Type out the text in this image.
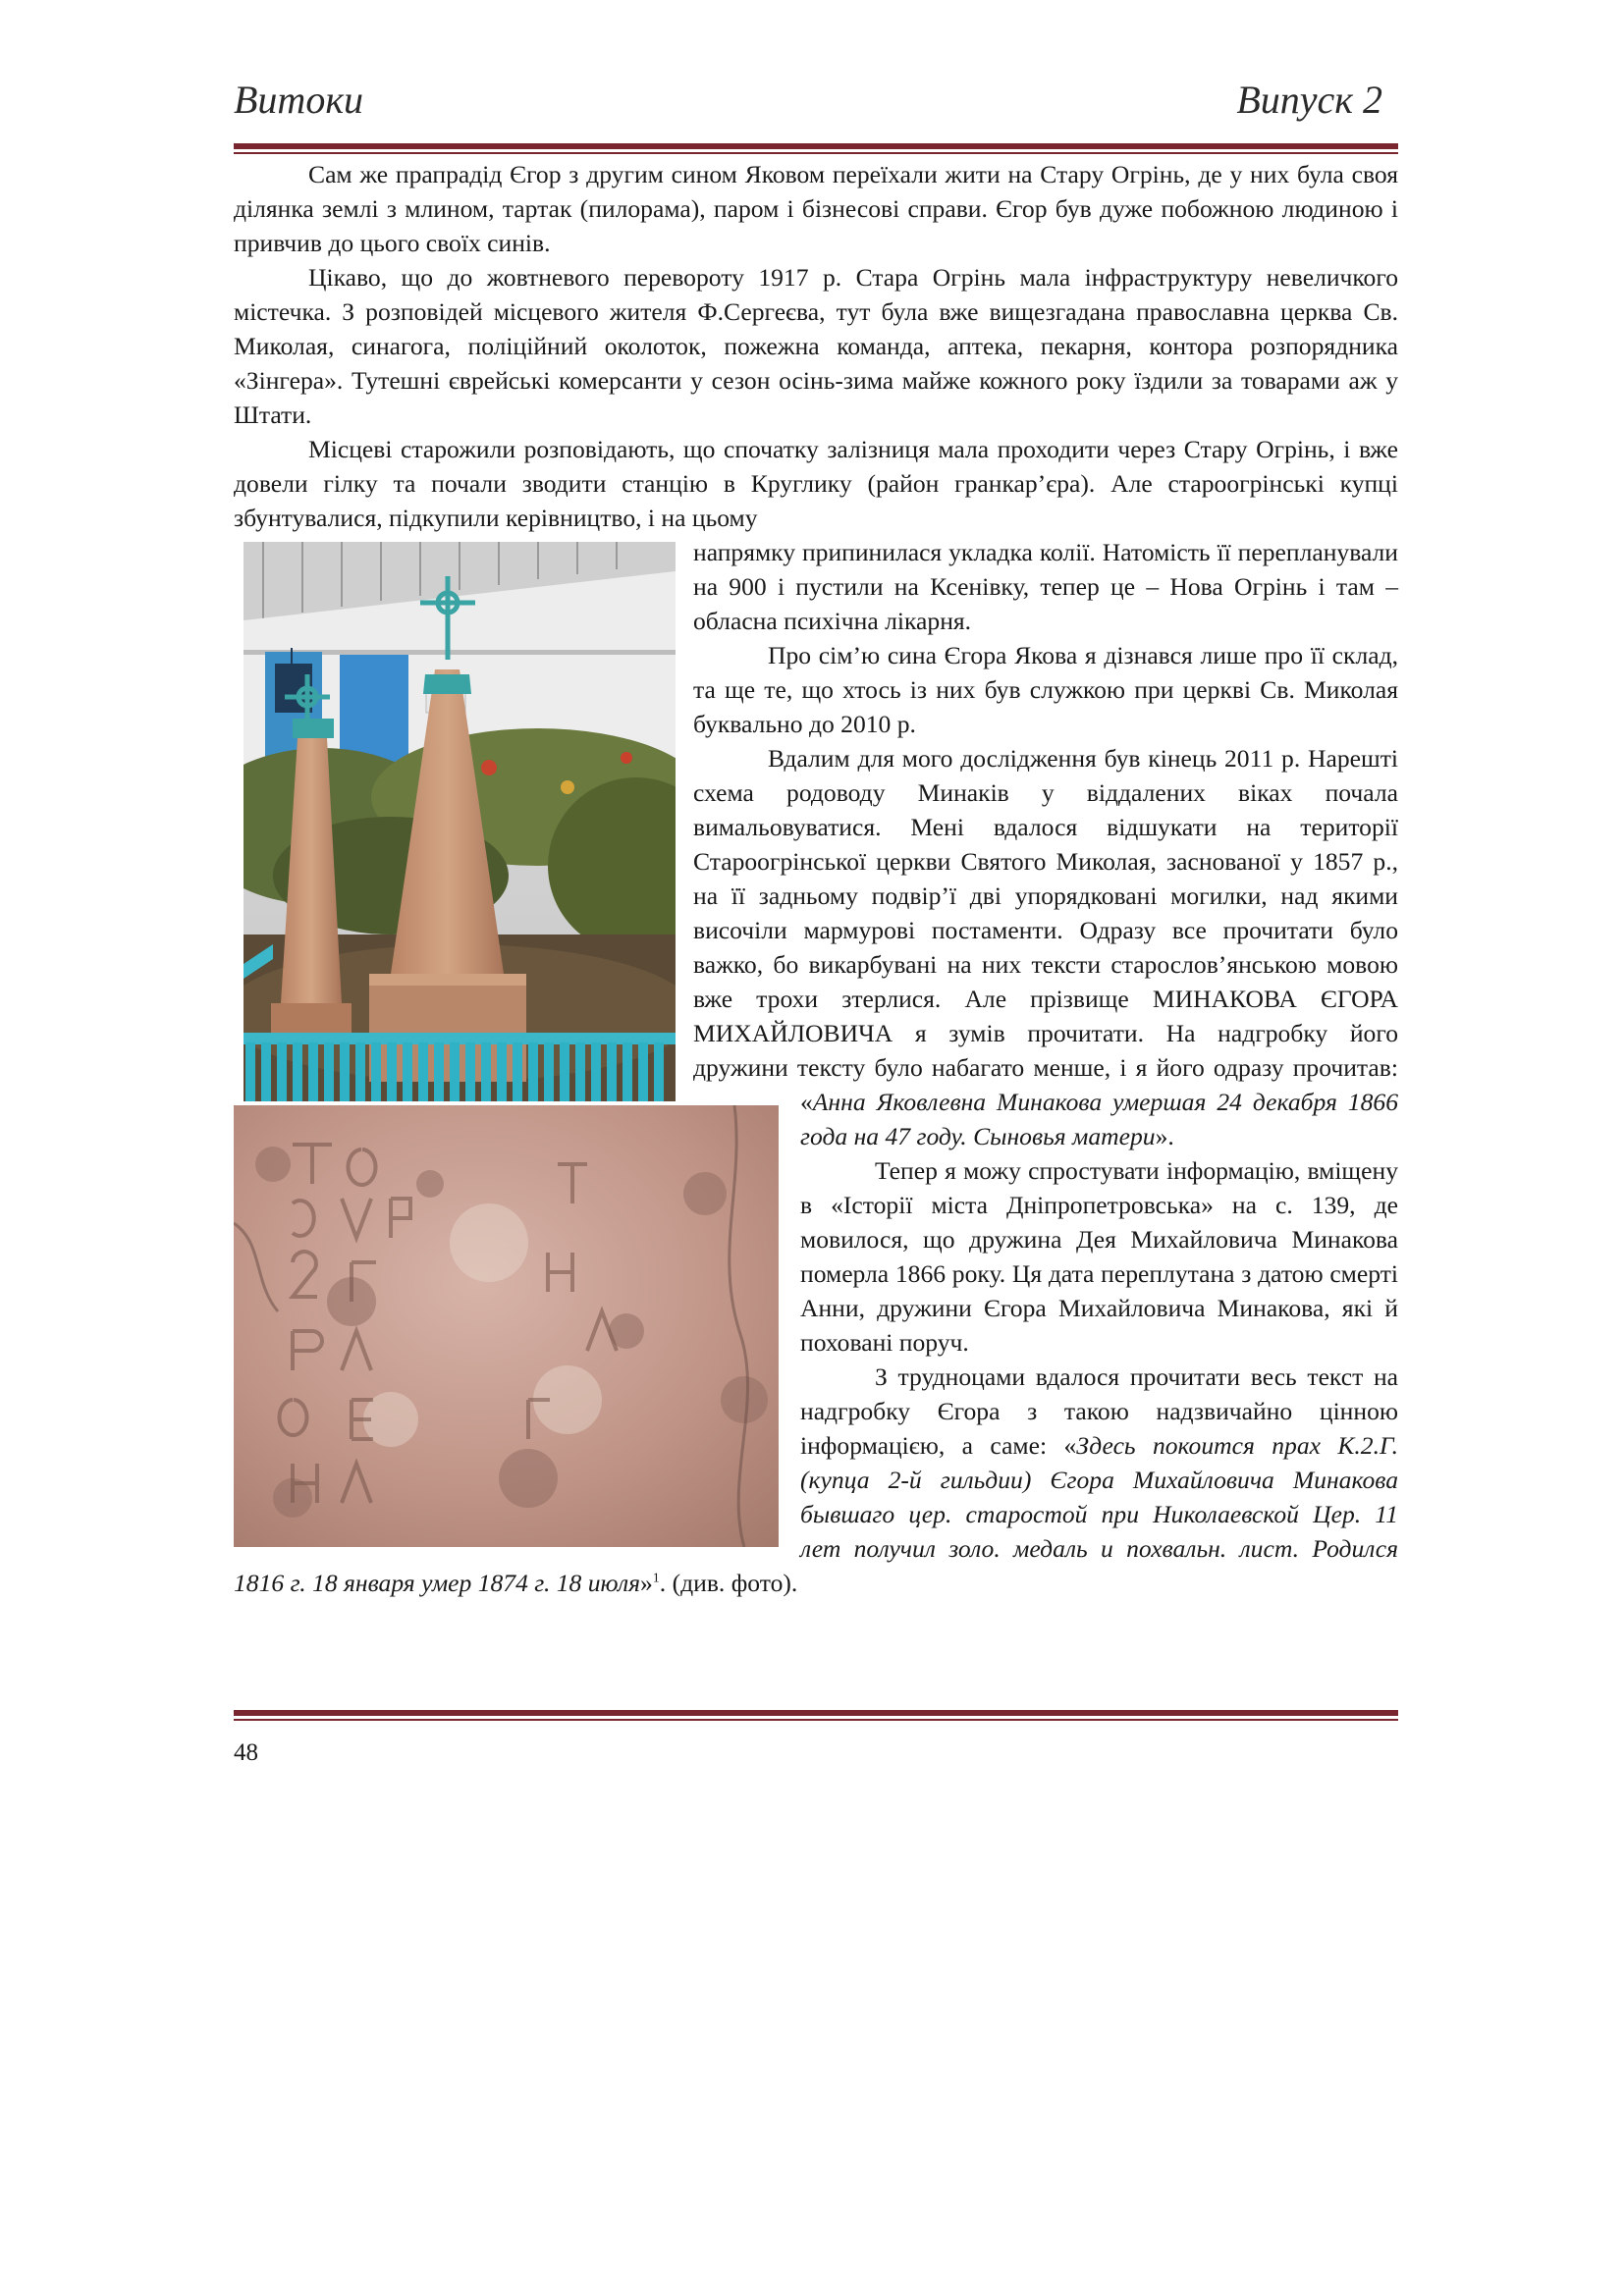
Витоки	Випуск 2

Сам же прапрадід Єгор з другим сином Яковом переїхали жити на Стару Огрінь, де у них була своя ділянка землі з млином, тартак (пилорама), паром і бізнесові справи. Єгор був дуже побожною людиною і привчив до цього своїх синів.

Цікаво, що до жовтневого перевороту 1917 р. Стара Огрінь мала інфраструктуру невеличкого містечка. З розповідей місцевого жителя Ф.Сергеєва, тут була вже вищезгадана православна церква Св. Миколая, синагога, поліційний околоток, пожежна команда, аптека, пекарня, контора розпорядника «Зінгера». Тутешні єврейські комерсанти у сезон осінь-зима майже кожного року їздили за товарами аж у Штати.

Місцеві старожили розповідають, що спочатку залізниця мала проходити через Стару Огрінь, і вже довели гілку та почали зводити станцію в Круглику (район гранкар’єра). Але староогрінські купці збунтувалися, підкупили керівництво, і на цьому

напрямку припинилася укладка колії. Натомість її перепланували на 900 і пустили на Ксенівку, тепер це – Нова Огрінь і там – обласна психічна лікарня.

Про сім’ю сина Єгора Якова я дізнався лише про її склад, та ще те, що хтось із них був служкою при церкві Св. Миколая буквально до 2010 р.

Вдалим для мого дослідження був кінець 2011 р. Нарешті схема родоводу Минаків у віддалених віках почала вимальовуватися. Мені вдалося відшукати на території Староогрінської церкви Святого Миколая, заснованої у 1857 р., на її задньому подвір’ї дві упорядковані могилки, над якими височіли мармурові постаменти. Одразу все прочитати було важко, бо викарбувані на них тексти старослов’янською мовою вже трохи зтерлися. Але прізвище МИНАКОВА ЄГОРА МИХАЙЛОВИЧА я зумів прочитати. На надгробку його дружини тексту було набагато менше, і я його одразу прочитав: «Анна Яковлевна Минакова умершая 24 декабря 1866 года на 47 году. Сыновья матери».

Тепер я можу спростувати інформацію, вміщену в «Історії міста Дніпропетровська» на с. 139, де мовилося, що дружина Дея Михайловича Минакова померла 1866 року. Ця дата переплутана з датою смерті Анни, дружини Єгора Михайловича Минакова, які й поховані поруч.

З трудноцами вдалося прочитати весь текст на надгробку Єгора з такою надзвичайно цінною інформацією, а саме: «Здесь покоится прах К.2.Г. (купца 2-й гильдии) Єгора Михайловича Минакова бывшаго цер. старостой при Николаевской Цер. 11 лет получил золо. медаль и похвальн. лист. Родился 1816 г. 18 января умер 1874 г. 18 июля»$^1$. (див. фото).

48
